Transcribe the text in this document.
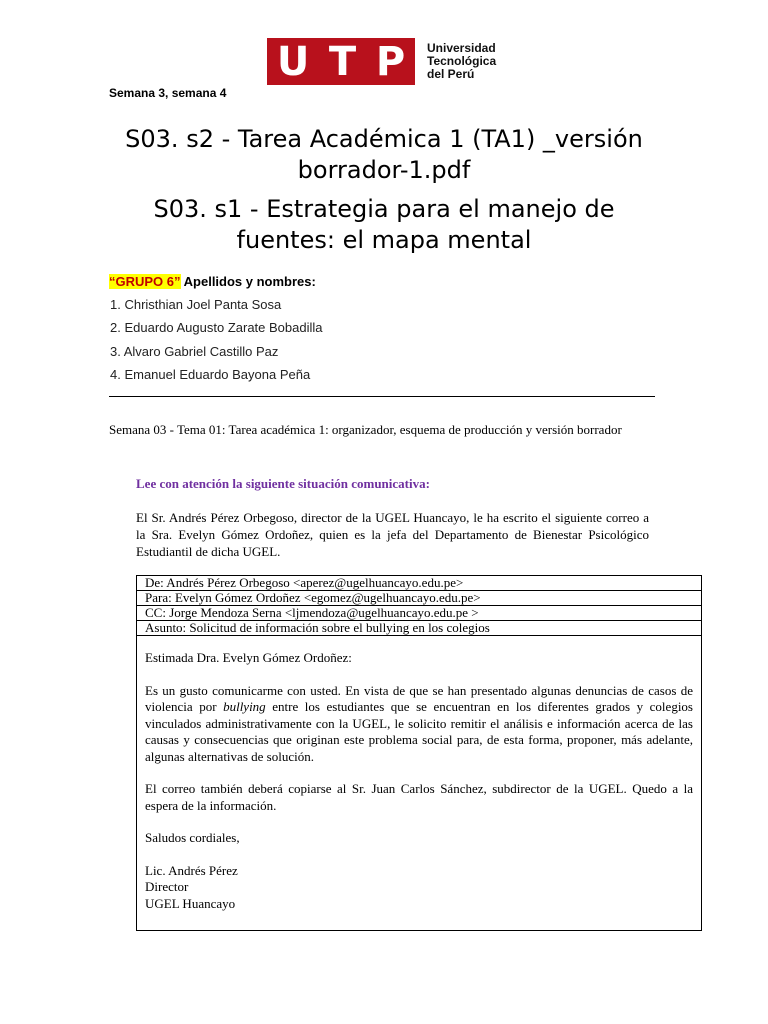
U T P Universidad
Tecnológica
del Perú
Semana 3, semana 4
S03. s2 - Tarea Académica 1 (TA1) _versión
borrador-1.pdf
S03. s1 - Estrategia para el manejo de
fuentes: el mapa mental
“GRUPO 6” Apellidos y nombres:
1. Christhian Joel Panta Sosa
2. Eduardo Augusto Zarate Bobadilla
3. Alvaro Gabriel Castillo Paz
4. Emanuel Eduardo Bayona Peña
Semana 03 - Tema 01: Tarea académica 1: organizador, esquema de producción y versión borrador
Lee con atención la siguiente situación comunicativa:
El Sr. Andrés Pérez Orbegoso, director de la UGEL Huancayo, le ha escrito el siguiente correo a la Sra. Evelyn Gómez Ordoñez, quien es la jefa del Departamento de Bienestar Psicológico Estudiantil de dicha UGEL.
De: Andrés Pérez Orbegoso <aperez@ugelhuancayo.edu.pe>
Para: Evelyn Gómez Ordoñez <egomez@ugelhuancayo.edu.pe>
CC: Jorge Mendoza Serna <ljmendoza@ugelhuancayo.edu.pe >
Asunto: Solicitud de información sobre el bullying en los colegios

Estimada Dra. Evelyn Gómez Ordoñez:

Es un gusto comunicarme con usted. En vista de que se han presentado algunas denuncias de casos de violencia por bullying entre los estudiantes que se encuentran en los diferentes grados y colegios vinculados administrativamente con la UGEL, le solicito remitir el análisis e información acerca de las causas y consecuencias que originan este problema social para, de esta forma, proponer, más adelante, algunas alternativas de solución.

El correo también deberá copiarse al Sr. Juan Carlos Sánchez, subdirector de la UGEL. Quedo a la espera de la información.

Saludos cordiales,

Lic. Andrés Pérez

Director

UGEL Huancayo
